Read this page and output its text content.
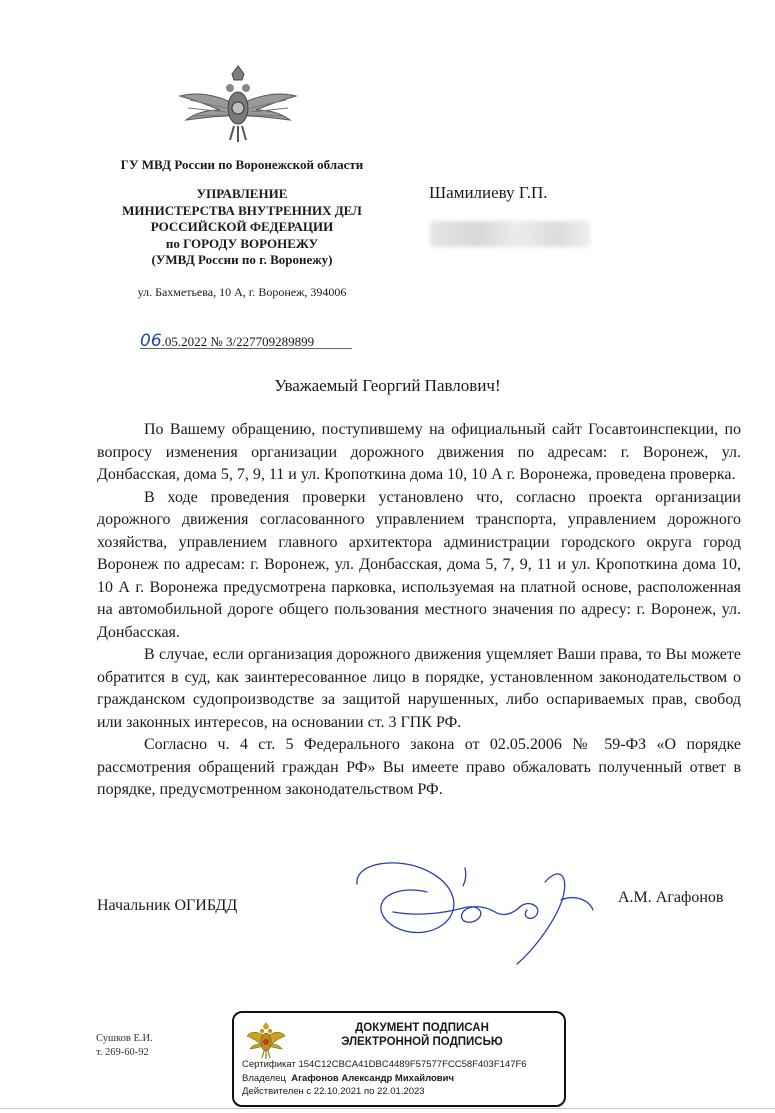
ГУ МВД России по Воронежской области
УПРАВЛЕНИЕ
МИНИСТЕРСТВА ВНУТРЕННИХ ДЕЛ
РОССИЙСКОЙ ФЕДЕРАЦИИ
по ГОРОДУ ВОРОНЕЖУ
(УМВД России по г. Воронежу)
ул. Бахметьева, 10 А, г. Воронеж, 394006
06.05.2022 № 3/227709289899
Шамилиеву Г.П.
Уважаемый Георгий Павлович!

По Вашему обращению, поступившему на официальный сайт Госавтоинспекции, по вопросу изменения организации дорожного движения по адресам: г. Воронеж, ул. Донбасская, дома 5, 7, 9, 11 и ул. Кропоткина дома 10, 10 А г. Воронежа, проведена проверка.

В ходе проведения проверки установлено что, согласно проекта организации дорожного движения согласованного управлением транспорта, управлением дорожного хозяйства, управлением главного архитектора администрации городского округа город Воронеж по адресам: г. Воронеж, ул. Донбасская, дома 5, 7, 9, 11 и ул. Кропоткина дома 10, 10 А г. Воронежа предусмотрена парковка, используемая на платной основе, расположенная на автомобильной дороге общего пользования местного значения по адресу: г. Воронеж, ул. Донбасская.

В случае, если организация дорожного движения ущемляет Ваши права, то Вы можете обратится в суд, как заинтересованное лицо в порядке, установленном законодательством о гражданском судопроизводстве за защитой нарушенных, либо оспариваемых прав, свобод или законных интересов, на основании ст. 3 ГПК РФ.

Согласно ч. 4 ст. 5 Федерального закона от 02.05.2006 № 59-ФЗ «О порядке рассмотрения обращений граждан РФ» Вы имеете право обжаловать полученный ответ в порядке, предусмотренном законодательством РФ.

Начальник ОГИБДД	А.М. Агафонов
Сушков Е.И.
т. 269-60-92
ДОКУМЕНТ ПОДПИСАН
ЭЛЕКТРОННОЙ ПОДПИСЬЮ
Сертификат 154C12CBCA41DBC4489F57577FCC58F403F147F6
Владелец Агафонов Александр Михайлович
Действителен с 22.10.2021 по 22.01.2023
